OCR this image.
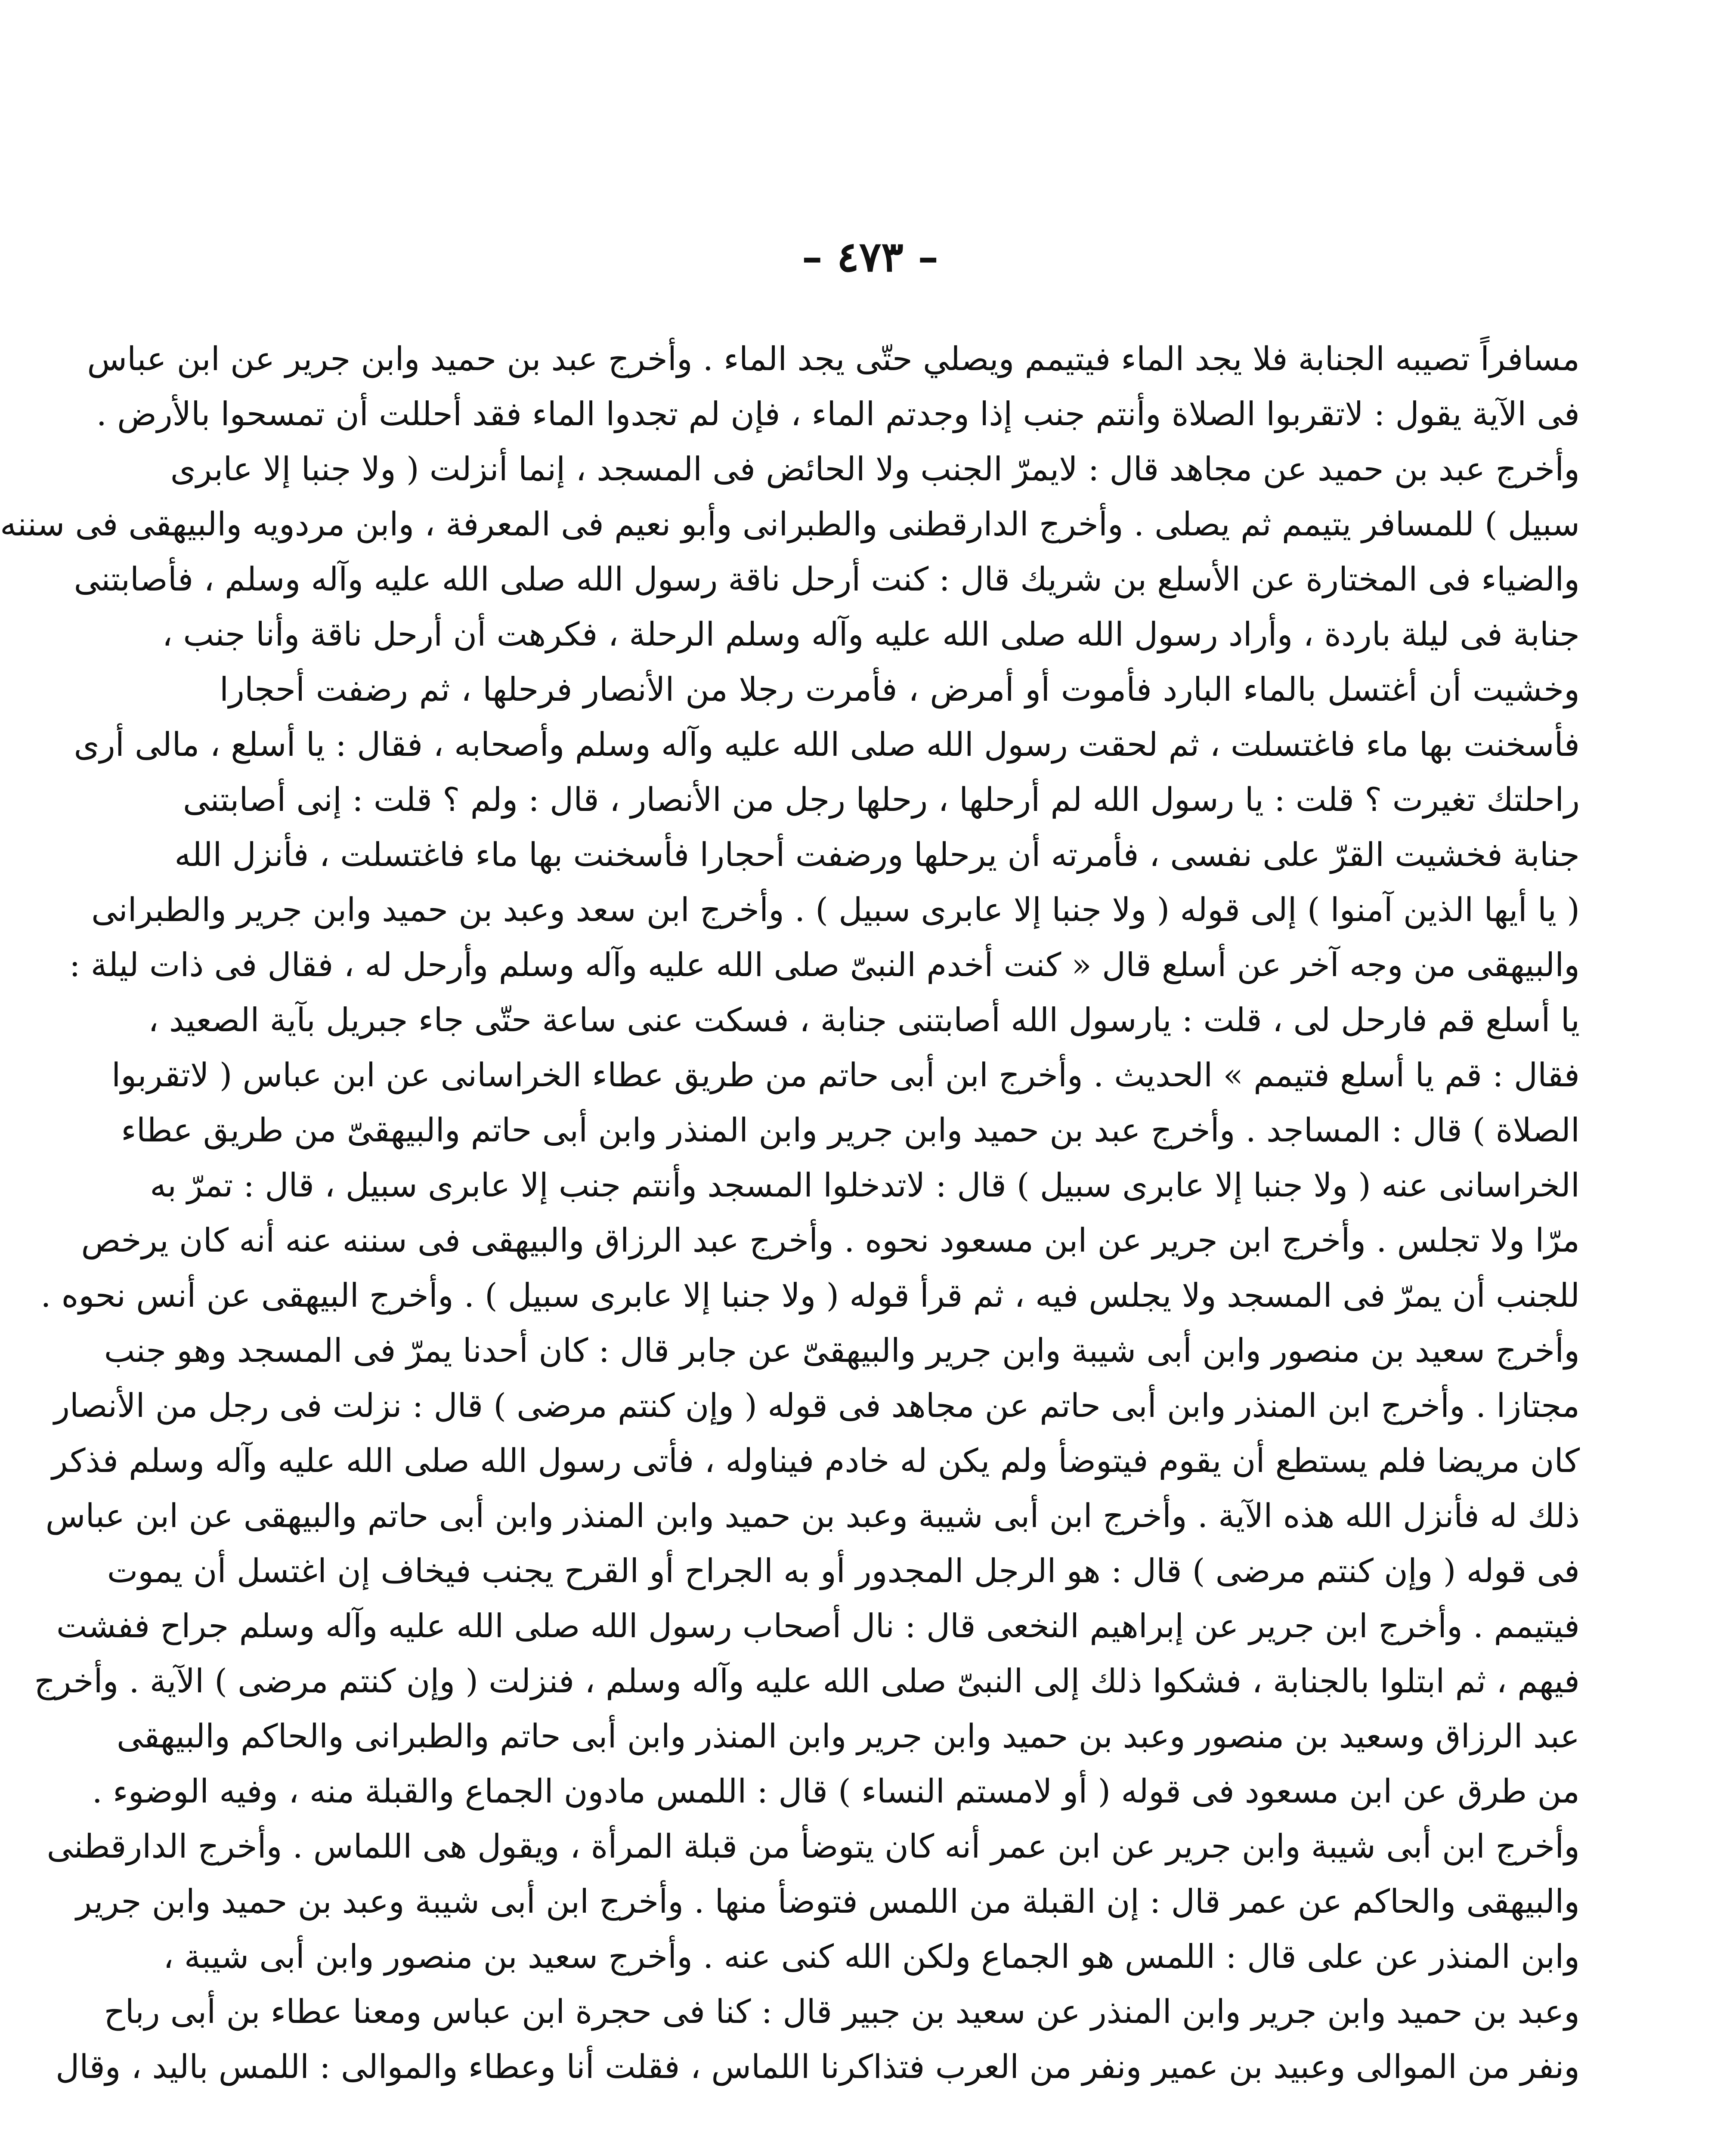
– ٤٧٣ –
مسافراً تصيبه الجنابة فلا يجد الماء فيتيمم ويصلي حتّى يجد الماء . وأخرج عبد بن حميد وابن جرير عن ابن عباس
فى الآية يقول : لاتقربوا الصلاة وأنتم جنب إذا وجدتم الماء ، فإن لم تجدوا الماء فقد أحللت أن تمسحوا بالأرض .
وأخرج عبد بن حميد عن مجاهد قال : لايمرّ الجنب ولا الحائض فى المسجد ، إنما أنزلت ( ولا جنبا إلا عابرى
سبيل ) للمسافر يتيمم ثم يصلى . وأخرج الدارقطنى والطبرانى وأبو نعيم فى المعرفة ، وابن مردويه والبيهقى فى سننه
والضياء فى المختارة عن الأسلع بن شريك قال : كنت أرحل ناقة رسول الله صلى الله عليه وآله وسلم ، فأصابتنى
جنابة فى ليلة باردة ، وأراد رسول الله صلى الله عليه وآله وسلم الرحلة ، فكرهت أن أرحل ناقة وأنا جنب ،
وخشيت أن أغتسل بالماء البارد فأموت أو أمرض ، فأمرت رجلا من الأنصار فرحلها ، ثم رضفت أحجارا
فأسخنت بها ماء فاغتسلت ، ثم لحقت رسول الله صلى الله عليه وآله وسلم وأصحابه ، فقال : يا أسلع ، مالى أرى
راحلتك تغيرت ؟ قلت : يا رسول الله لم أرحلها ، رحلها رجل من الأنصار ، قال : ولم ؟ قلت : إنى أصابتنى
جنابة فخشيت القرّ على نفسى ، فأمرته أن يرحلها ورضفت أحجارا فأسخنت بها ماء فاغتسلت ، فأنزل الله
( يا أيها الذين آمنوا ) إلى قوله ( ولا جنبا إلا عابرى سبيل ) . وأخرج ابن سعد وعبد بن حميد وابن جرير والطبرانى
والبيهقى من وجه آخر عن أسلع قال « كنت أخدم النبىّ صلى الله عليه وآله وسلم وأرحل له ، فقال فى ذات ليلة :
يا أسلع قم فارحل لى ، قلت : يارسول الله أصابتنى جنابة ، فسكت عنى ساعة حتّى جاء جبريل بآية الصعيد ،
فقال : قم يا أسلع فتيمم » الحديث . وأخرج ابن أبى حاتم من طريق عطاء الخراسانى عن ابن عباس ( لاتقربوا
الصلاة ) قال : المساجد . وأخرج عبد بن حميد وابن جرير وابن المنذر وابن أبى حاتم والبيهقىّ من طريق عطاء
الخراسانى عنه ( ولا جنبا إلا عابرى سبيل ) قال : لاتدخلوا المسجد وأنتم جنب إلا عابرى سبيل ، قال : تمرّ به
مرّا ولا تجلس . وأخرج ابن جرير عن ابن مسعود نحوه . وأخرج عبد الرزاق والبيهقى فى سننه عنه أنه كان يرخص
للجنب أن يمرّ فى المسجد ولا يجلس فيه ، ثم قرأ قوله ( ولا جنبا إلا عابرى سبيل ) . وأخرج البيهقى عن أنس نحوه .
وأخرج سعيد بن منصور وابن أبى شيبة وابن جرير والبيهقىّ عن جابر قال : كان أحدنا يمرّ فى المسجد وهو جنب
مجتازا . وأخرج ابن المنذر وابن أبى حاتم عن مجاهد فى قوله ( وإن كنتم مرضى ) قال : نزلت فى رجل من الأنصار
كان مريضا فلم يستطع أن يقوم فيتوضأ ولم يكن له خادم فيناوله ، فأتى رسول الله صلى الله عليه وآله وسلم فذكر
ذلك له فأنزل الله هذه الآية . وأخرج ابن أبى شيبة وعبد بن حميد وابن المنذر وابن أبى حاتم والبيهقى عن ابن عباس
فى قوله ( وإن كنتم مرضى ) قال : هو الرجل المجدور أو به الجراح أو القرح يجنب فيخاف إن اغتسل أن يموت
فيتيمم . وأخرج ابن جرير عن إبراهيم النخعى قال : نال أصحاب رسول الله صلى الله عليه وآله وسلم جراح ففشت
فيهم ، ثم ابتلوا بالجنابة ، فشكوا ذلك إلى النبىّ صلى الله عليه وآله وسلم ، فنزلت ( وإن كنتم مرضى ) الآية . وأخرج
عبد الرزاق وسعيد بن منصور وعبد بن حميد وابن جرير وابن المنذر وابن أبى حاتم والطبرانى والحاكم والبيهقى
من طرق عن ابن مسعود فى قوله ( أو لامستم النساء ) قال : اللمس مادون الجماع والقبلة منه ، وفيه الوضوء .
وأخرج ابن أبى شيبة وابن جرير عن ابن عمر أنه كان يتوضأ من قبلة المرأة ، ويقول هى اللماس . وأخرج الدارقطنى
والبيهقى والحاكم عن عمر قال : إن القبلة من اللمس فتوضأ منها . وأخرج ابن أبى شيبة وعبد بن حميد وابن جرير
وابن المنذر عن على قال : اللمس هو الجماع ولكن الله كنى عنه . وأخرج سعيد بن منصور وابن أبى شيبة ،
وعبد بن حميد وابن جرير وابن المنذر عن سعيد بن جبير قال : كنا فى حجرة ابن عباس ومعنا عطاء بن أبى رباح
ونفر من الموالى وعبيد بن عمير ونفر من العرب فتذاكرنا اللماس ، فقلت أنا وعطاء والموالى : اللمس باليد ، وقال
